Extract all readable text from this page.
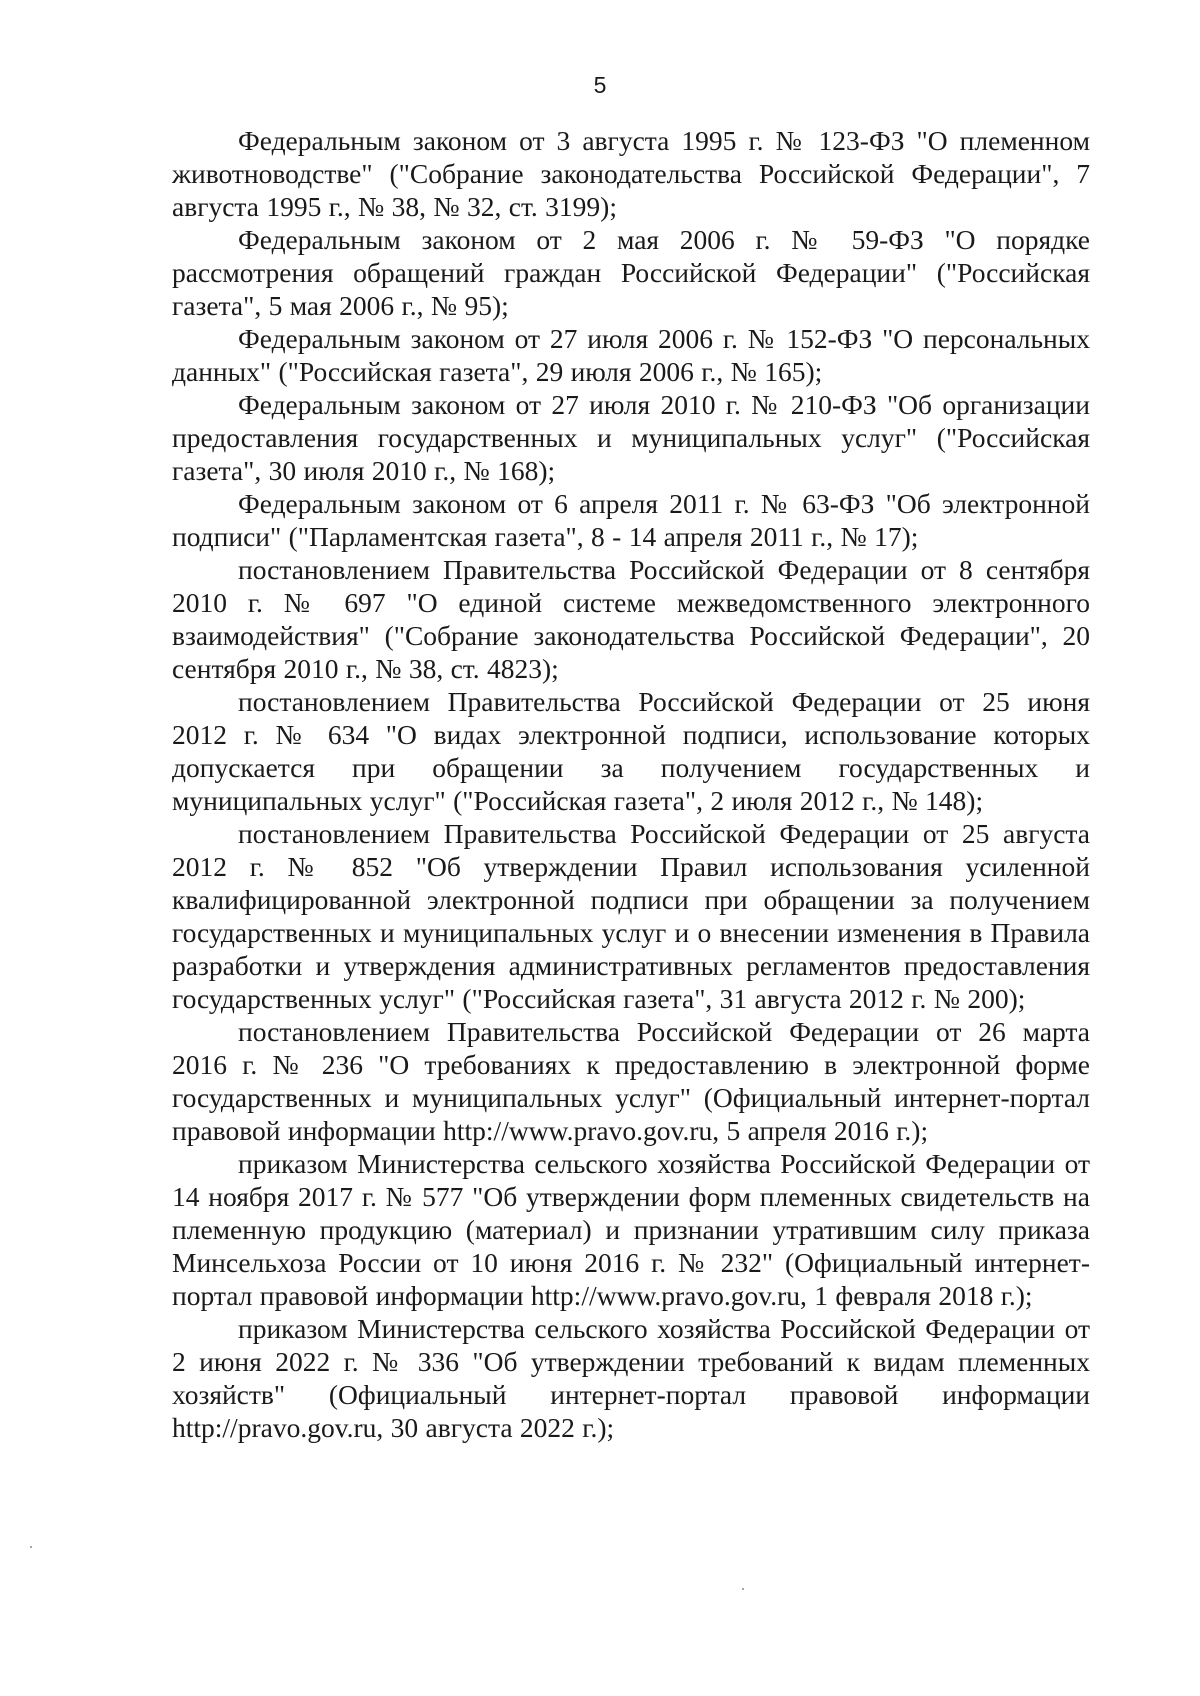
5

Федеральным законом от 3 августа 1995 г. № 123-ФЗ "О племенном животноводстве" ("Собрание законодательства Российской Федерации", 7 августа 1995 г., № 38, № 32, ст. 3199);

Федеральным законом от 2 мая 2006 г. № 59-ФЗ "О порядке рассмотрения обращений граждан Российской Федерации" ("Российская газета", 5 мая 2006 г., № 95);

Федеральным законом от 27 июля 2006 г. № 152-ФЗ "О персональных данных" ("Российская газета", 29 июля 2006 г., № 165);

Федеральным законом от 27 июля 2010 г. № 210-ФЗ "Об организации предоставления государственных и муниципальных услуг" ("Российская газета", 30 июля 2010 г., № 168);

Федеральным законом от 6 апреля 2011 г. № 63-ФЗ "Об электронной подписи" ("Парламентская газета", 8 - 14 апреля 2011 г., № 17);

постановлением Правительства Российской Федерации от 8 сентября 2010 г. № 697 "О единой системе межведомственного электронного взаимодействия" ("Собрание законодательства Российской Федерации", 20 сентября 2010 г., № 38, ст. 4823);

постановлением Правительства Российской Федерации от 25 июня 2012 г. № 634 "О видах электронной подписи, использование которых допускается при обращении за получением государственных и муниципальных услуг" ("Российская газета", 2 июля 2012 г., № 148);

постановлением Правительства Российской Федерации от 25 августа 2012 г. № 852 "Об утверждении Правил использования усиленной квалифицированной электронной подписи при обращении за получением государственных и муниципальных услуг и о внесении изменения в Правила разработки и утверждения административных регламентов предоставления государственных услуг" ("Российская газета", 31 августа 2012 г. № 200);

постановлением Правительства Российской Федерации от 26 марта 2016 г. № 236 "О требованиях к предоставлению в электронной форме государственных и муниципальных услуг" (Официальный интернет-портал правовой информации http://www.pravo.gov.ru, 5 апреля 2016 г.);

приказом Министерства сельского хозяйства Российской Федерации от 14 ноября 2017 г. № 577 "Об утверждении форм племенных свидетельств на племенную продукцию (материал) и признании утратившим силу приказа Минсельхоза России от 10 июня 2016 г. № 232" (Официальный интернет-портал правовой информации http://www.pravo.gov.ru, 1 февраля 2018 г.);

приказом Министерства сельского хозяйства Российской Федерации от 2 июня 2022 г. № 336 "Об утверждении требований к видам племенных хозяйств" (Официальный интернет-портал правовой информации http://pravo.gov.ru, 30 августа 2022 г.);
